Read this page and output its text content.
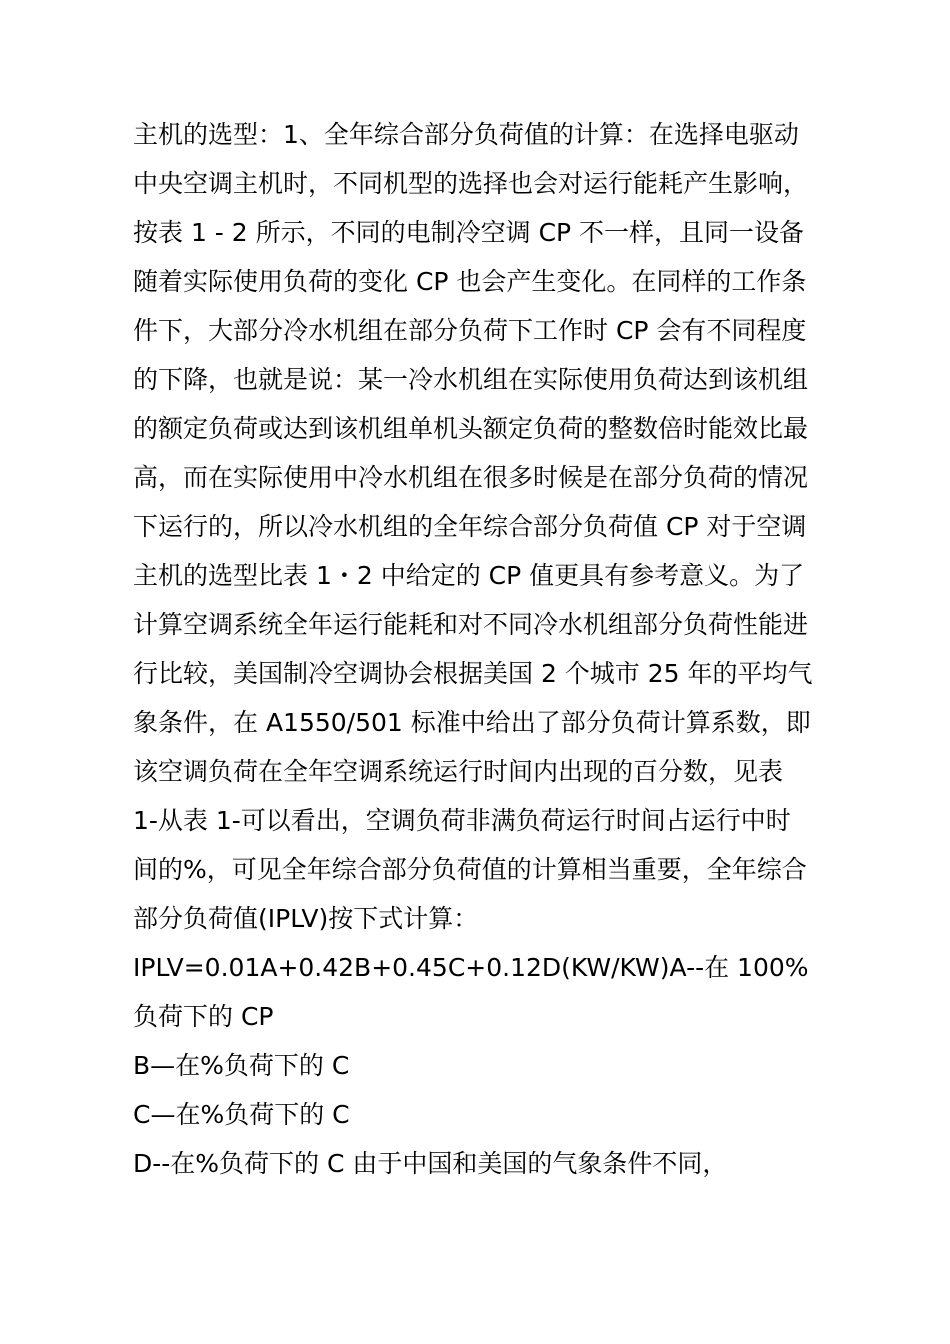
主机的选型：1、全年综合部分负荷值的计算：在选择电驱动
中央空调主机时，不同机型的选择也会对运行能耗产生影响，
按表 1 - 2 所示，不同的电制冷空调 CP 不一样，且同一设备
随着实际使用负荷的变化 CP 也会产生变化。在同样的工作条
件下，大部分冷水机组在部分负荷下工作时 CP 会有不同程度
的下降，也就是说：某一冷水机组在实际使用负荷达到该机组
的额定负荷或达到该机组单机头额定负荷的整数倍时能效比最
高，而在实际使用中冷水机组在很多时候是在部分负荷的情况
下运行的，所以冷水机组的全年综合部分负荷值 CP 对于空调
主机的选型比表 1・2 中给定的 CP 值更具有参考意义。为了
计算空调系统全年运行能耗和对不同冷水机组部分负荷性能进
行比较，美国制冷空调协会根据美国 2 个城市 25 年的平均气
象条件，在 A1550/501 标准中给出了部分负荷计算系数，即
该空调负荷在全年空调系统运行时间内出现的百分数，见表
1-从表 1-可以看出，空调负荷非满负荷运行时间占运行中时
间的%，可见全年综合部分负荷值的计算相当重要，全年综合
部分负荷值(IPLV)按下式计算：
IPLV=0.01A+0.42B+0.45C+0.12D(KW/KW)A--在 100%
负荷下的 CP
B—在%负荷下的 C
C—在%负荷下的 C
D--在%负荷下的 C 由于中国和美国的气象条件不同，
